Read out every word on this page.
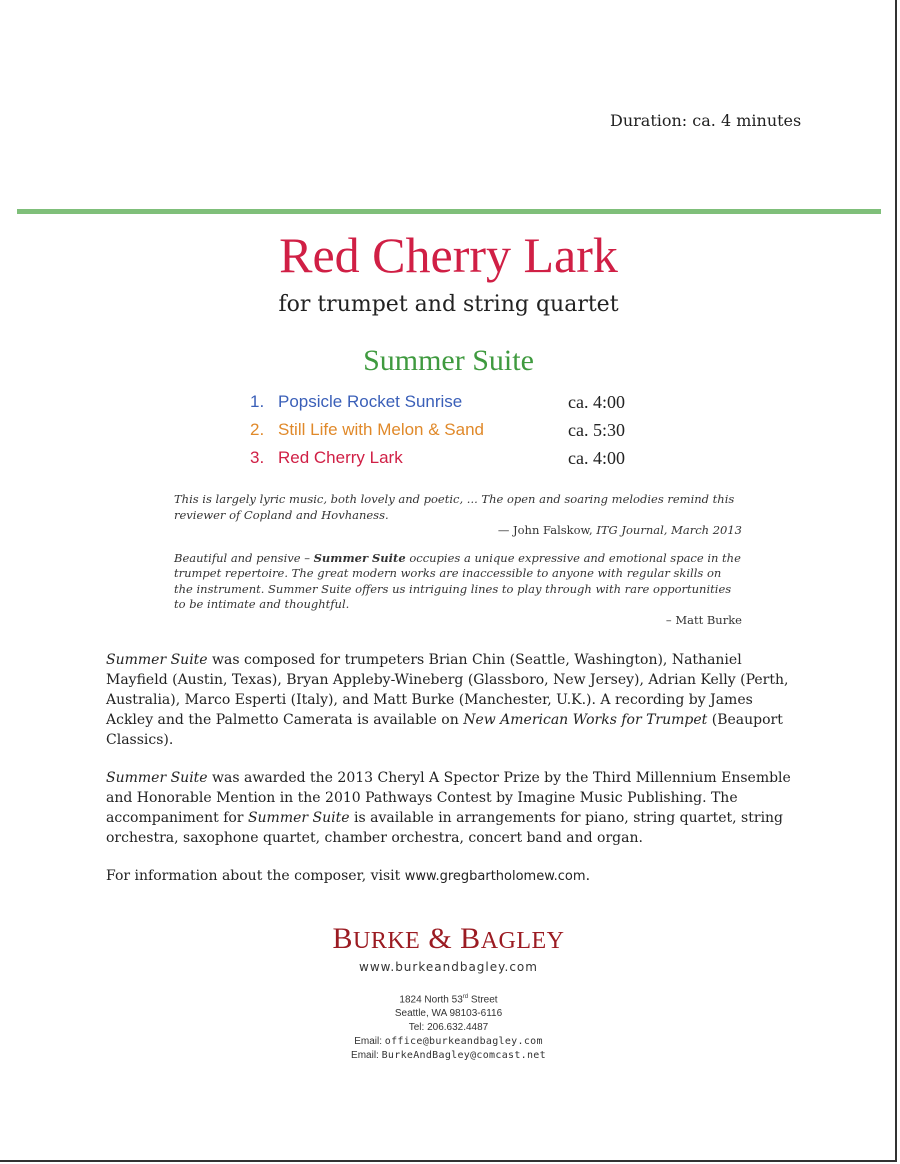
Duration: ca. 4 minutes
Red Cherry Lark
for trumpet and string quartet
Summer Suite
1. Popsicle Rocket Sunrise	ca. 4:00
2. Still Life with Melon & Sand	ca. 5:30
3. Red Cherry Lark	ca. 4:00

This is largely lyric music, both lovely and poetic, ... The open and soaring melodies remind this reviewer of Copland and Hovhaness.

— John Falskow, ITG Journal, March 2013

Beautiful and pensive – Summer Suite occupies a unique expressive and emotional space in the trumpet repertoire. The great modern works are inaccessible to anyone with regular skills on the instrument. Summer Suite offers us intriguing lines to play through with rare opportunities to be intimate and thoughtful.

– Matt Burke

Summer Suite was composed for trumpeters Brian Chin (Seattle, Washington), Nathaniel Mayfield (Austin, Texas), Bryan Appleby-Wineberg (Glassboro, New Jersey), Adrian Kelly (Perth, Australia), Marco Esperti (Italy), and Matt Burke (Manchester, U.K.). A recording by James Ackley and the Palmetto Camerata is available on New American Works for Trumpet (Beauport Classics).

Summer Suite was awarded the 2013 Cheryl A Spector Prize by the Third Millennium Ensemble and Honorable Mention in the 2010 Pathways Contest by Imagine Music Publishing. The accompaniment for Summer Suite is available in arrangements for piano, string quartet, string orchestra, saxophone quartet, chamber orchestra, concert band and organ.

For information about the composer, visit www.gregbartholomew.com.

BURKE & BAGLEY
www.burkeandbagley.com
1824 North 53rd Street
Seattle, WA 98103-6116
Tel: 206.632.4487
Email: office@burkeandbagley.com
Email: BurkeAndBagley@comcast.net
